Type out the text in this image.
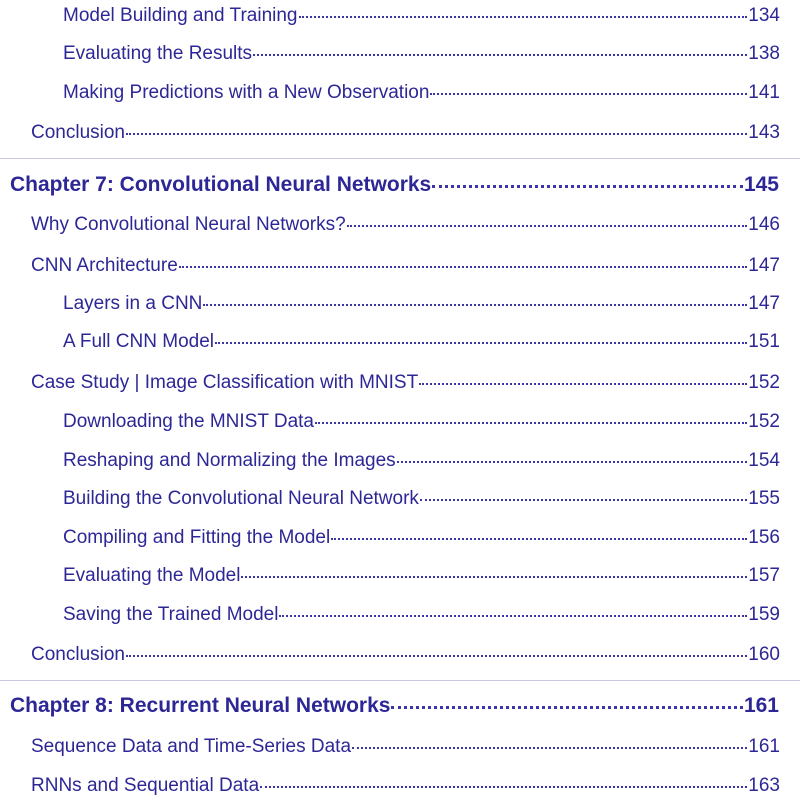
Model Building and Training	134
Evaluating the Results	138
Making Predictions with a New Observation	141
Conclusion	143
Chapter 7: Convolutional Neural Networks	145
Why Convolutional Neural Networks?	146
CNN Architecture	147
Layers in a CNN	147
A Full CNN Model	151
Case Study | Image Classification with MNIST	152
Downloading the MNIST Data	152
Reshaping and Normalizing the Images	154
Building the Convolutional Neural Network	155
Compiling and Fitting the Model	156
Evaluating the Model	157
Saving the Trained Model	159
Conclusion	160
Chapter 8: Recurrent Neural Networks	161
Sequence Data and Time-Series Data	161
RNNs and Sequential Data	163
